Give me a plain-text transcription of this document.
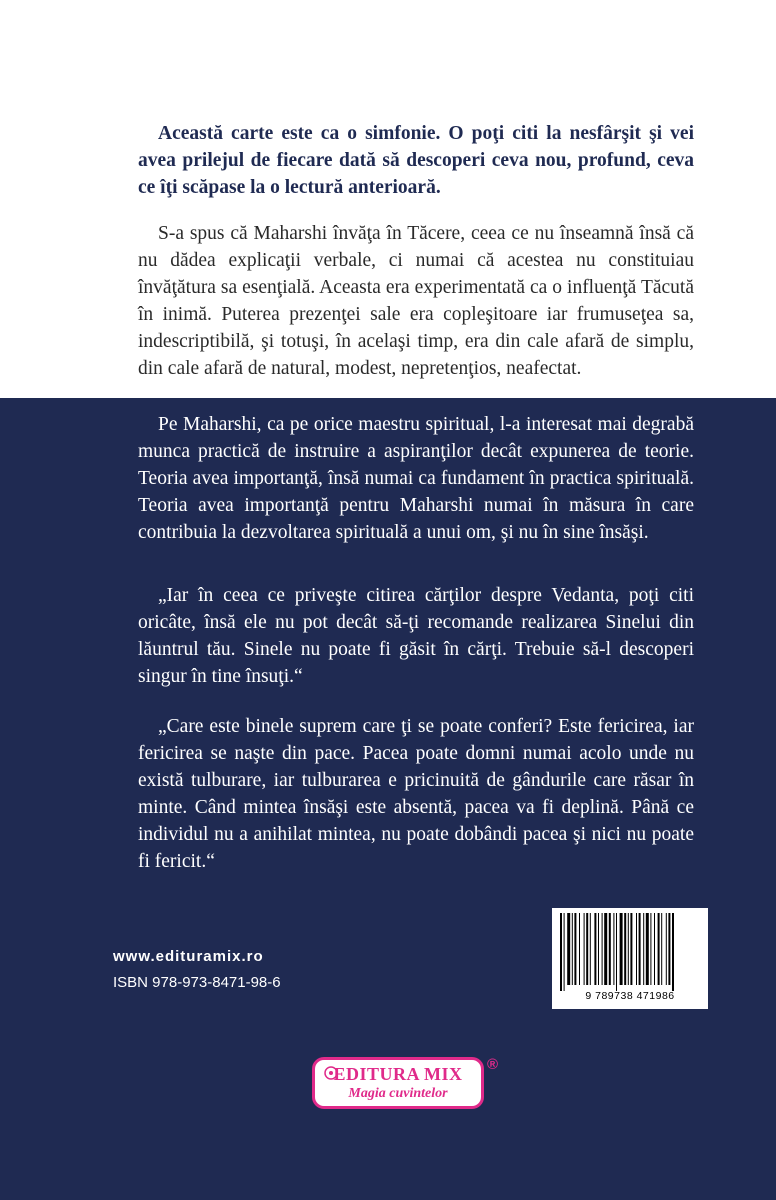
Această carte este ca o simfonie. O poţi citi la nesfârşit şi vei avea prilejul de fiecare dată să descoperi ceva nou, profund, ceva ce îţi scăpase la o lectură anterioară.

S-a spus că Maharshi învăţa în Tăcere, ceea ce nu înseamnă însă că nu dădea explicaţii verbale, ci numai că acestea nu constituiau învăţătura sa esenţială. Aceasta era experimentată ca o influenţă Tăcută în inimă. Puterea prezenţei sale era copleşitoare iar frumuseţea sa, indescriptibilă, şi totuşi, în acelaşi timp, era din cale afară de simplu, din cale afară de natural, modest, nepretenţios, neafectat.

Pe Maharshi, ca pe orice maestru spiritual, l-a interesat mai degrabă munca practică de instruire a aspiranţilor decât expunerea de teorie. Teoria avea importanţă, însă numai ca fundament în practica spirituală. Teoria avea importanţă pentru Maharshi numai în măsura în care contribuia la dezvoltarea spirituală a unui om, şi nu în sine însăşi.

„Iar în ceea ce priveşte citirea cărţilor despre Vedanta, poţi citi oricâte, însă ele nu pot decât să-ţi recomande realizarea Sinelui din lăuntrul tău. Sinele nu poate fi găsit în cărţi. Trebuie să-l descoperi singur în tine însuţi.“

„Care este binele suprem care ţi se poate conferi? Este fericirea, iar fericirea se naşte din pace. Pacea poate domni numai acolo unde nu există tulburare, iar tulburarea e pricinuită de gândurile care răsar în minte. Când mintea însăşi este absentă, pacea va fi deplină. Până ce individul nu a anihilat mintea, nu poate dobândi pacea şi nici nu poate fi fericit.“

www.edituramix.ro
ISBN 978-973-8471-98-6
9 789738 471986
EDITURA MIX
Magia cuvintelor
®
